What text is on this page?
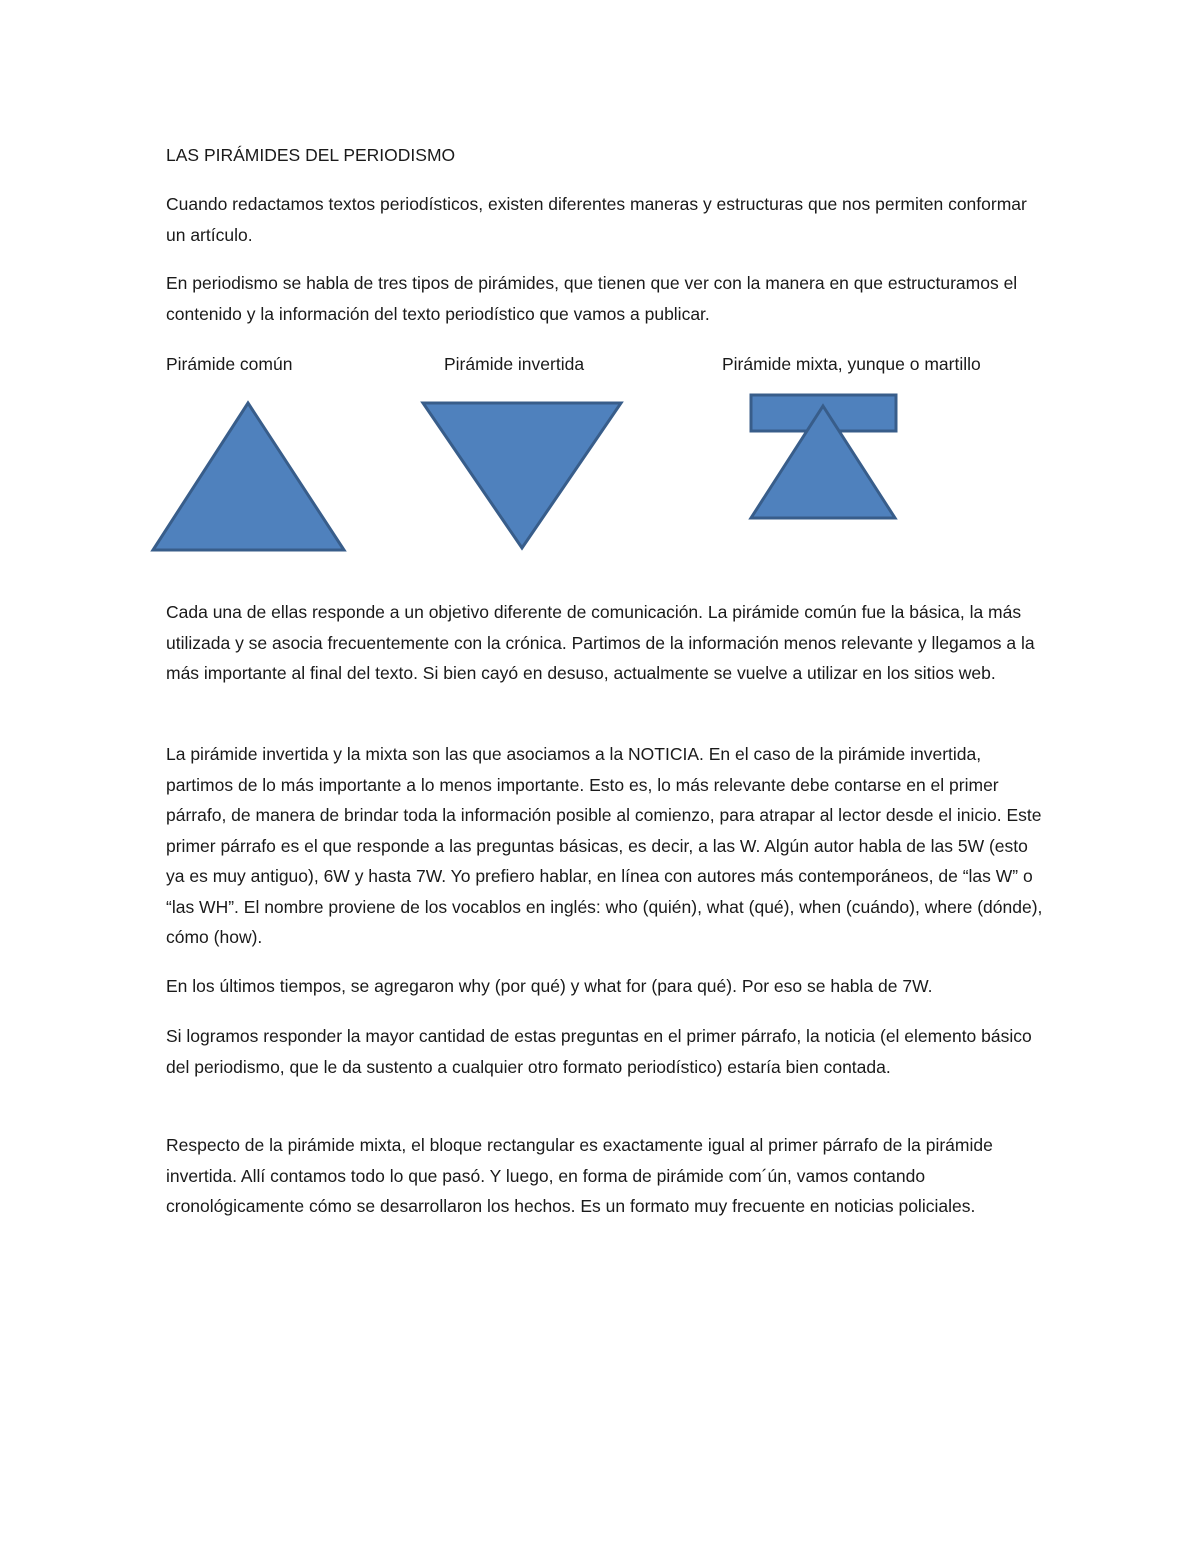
LAS PIRÁMIDES DEL PERIODISMO

Cuando redactamos textos periodísticos, existen diferentes maneras y estructuras que nos permiten conformar un artículo.

En periodismo se habla de tres tipos de pirámides, que tienen que ver con la manera en que estructuramos el contenido y la información del texto periodístico que vamos a publicar.

Pirámide común	Pirámide invertida	Pirámide mixta, yunque o martillo

Cada una de ellas responde a un objetivo diferente de comunicación. La pirámide común fue la básica, la más utilizada y se asocia frecuentemente con la crónica. Partimos de la información menos relevante y llegamos a la más importante al final del texto. Si bien cayó en desuso, actualmente se vuelve a utilizar en los sitios web.

La pirámide invertida y la mixta son las que asociamos a la NOTICIA. En el caso de la pirámide invertida, partimos de lo más importante a lo menos importante. Esto es, lo más relevante debe contarse en el primer párrafo, de manera de brindar toda la información posible al comienzo, para atrapar al lector desde el inicio. Este primer párrafo es el que responde a las preguntas básicas, es decir, a las W. Algún autor habla de las 5W (esto ya es muy antiguo), 6W y hasta 7W. Yo prefiero hablar, en línea con autores más contemporáneos, de “las W” o “las WH”. El nombre proviene de los vocablos en inglés: who (quién), what (qué), when (cuándo), where (dónde), cómo (how).

En los últimos tiempos, se agregaron why (por qué) y what for (para qué). Por eso se habla de 7W.

Si logramos responder la mayor cantidad de estas preguntas en el primer párrafo, la noticia (el elemento básico del periodismo, que le da sustento a cualquier otro formato periodístico) estaría bien contada.

Respecto de la pirámide mixta, el bloque rectangular es exactamente igual al primer párrafo de la pirámide invertida. Allí contamos todo lo que pasó. Y luego, en forma de pirámide com´ún, vamos contando cronológicamente cómo se desarrollaron los hechos. Es un formato muy frecuente en noticias policiales.
